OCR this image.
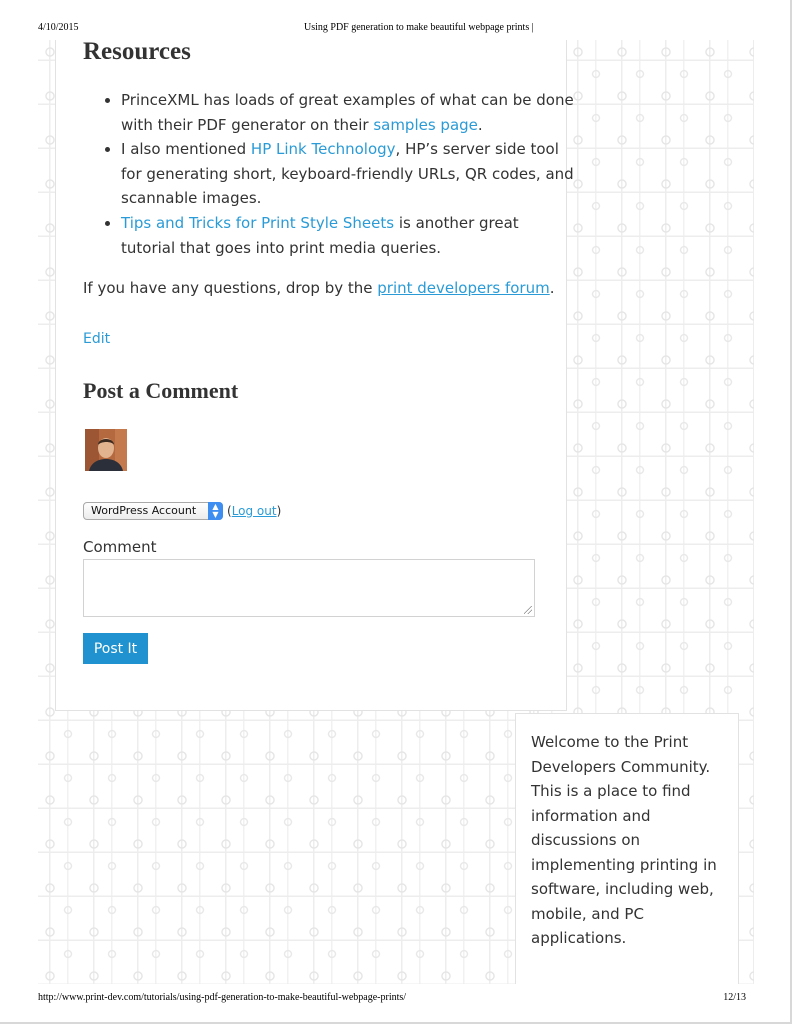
4/10/2015	Using PDF generation to make beautiful webpage prints |
Resources
PrinceXML has loads of great examples of what can be done with their PDF generator on their samples page.
I also mentioned HP Link Technology, HP’s server side tool for generating short, keyboard-friendly URLs, QR codes, and scannable images.
Tips and Tricks for Print Style Sheets is another great tutorial that goes into print media queries.

If you have any questions, drop by the print developers forum.

Edit
Post a Comment
WordPress Account	▲
▼ (Log out)
Comment
Post It

Welcome to the Print Developers Community. This is a place to find information and discussions on implementing printing in software, including web, mobile, and PC applications.

http://www.print-dev.com/tutorials/using-pdf-generation-to-make-beautiful-webpage-prints/	12/13
